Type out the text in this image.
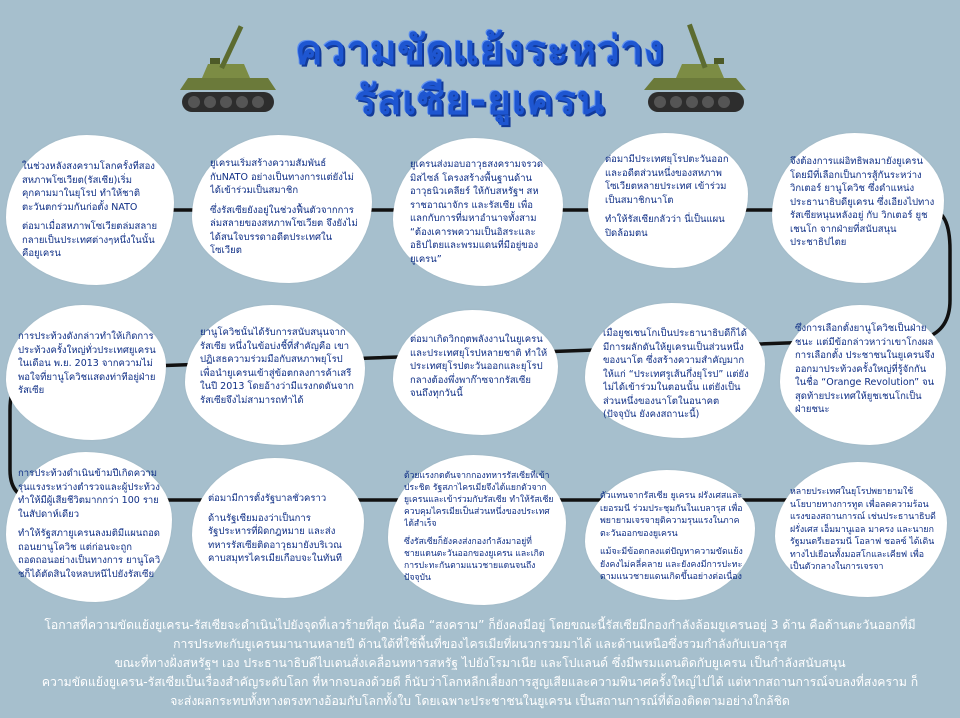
ความขัดแย้งระหว่าง
รัสเซีย-ยูเครน

ในช่วงหลังสงครามโลกครั้งที่สองสหภาพโซเวียต(รัสเซีย)เริ่มคุกคามมาในยุโรป ทำให้ชาติตะวันตกร่วมกันก่อตั้ง NATO

ต่อมาเมื่อสหภาพโซเวียตล่มสลาย กลายเป็นประเทศต่างๆหนึ่งในนั้นคือยูเครน

ยูเครนเริ่มสร้างความสัมพันธ์กับNATO อย่างเป็นทางการแต่ยังไม่ได้เข้าร่วมเป็นสมาชิก

ซึ่งรัสเซียยังอยู่ในช่วงฟื้นตัวจากการล่มสลายของสหภาพโซเวียต จึงยังไม่ได้สนใจบรรดาอดีตประเทศในโซเวียต

ยูเครนส่งมอบอาวุธสงครามจรวดมิสไซล์ โครงสร้างพื้นฐานด้านอาวุธนิวเคลียร์ ให้กับสหรัฐฯ สหราชอาณาจักร และรัสเซีย เพื่อแลกกับการที่มหาอำนาจทั้งสาม “ต้องเคารพความเป็นอิสระและอธิปไตยและพรมแดนที่มีอยู่ของยูเครน”

ต่อมามีประเทศยุโรปตะวันออกและอดีตส่วนหนึ่งของสหภาพโซเวียตหลายประเทศ เข้าร่วมเป็นสมาชิกนาโต

ทำให้รัสเซียกลัวว่า นี่เป็นแผนปิดล้อมตน

จึงต้องการแผ่อิทธิพลมายังยูเครน โดยมีที่เลือกเป็นการสู้กันระหว่าง วิกเตอร์ ยานูโควิช ซึ่งดำแหน่งประธานาธิบดียูเครน ซึ่งเอียงไปทางรัสเซียหนุนหลังอยู่ กับ วิกเตอร์ ยูชเชนโก จากฝ่ายที่สนับสนุนประชาธิปไตย

การประท้วงดังกล่าวทำให้เกิดการประท้วงครั้งใหญ่ทั่วประเทศยูเครนในเดือน พ.ย. 2013 จากความไม่พอใจที่ยานูโควิชแสดงท่าทีอยู่ฝ่ายรัสเซีย

ยานูโควิชนั้นได้รับการสนับสนุนจากรัสเซีย หนึ่งในข้อบ่งชี้ที่สำคัญคือ เขาปฏิเสธความร่วมมือกับสหภาพยุโรป เพื่อนำยูเครนเข้าสู่ข้อตกลงการค้าเสรีในปี 2013 โดยอ้างว่ามีแรงกดดันจากรัสเซียจึงไม่สามารถทำได้

ต่อมาเกิดวิกฤตพลังงานในยูเครนและประเทศยุโรปหลายชาติ ทำให้ประเทศยุโรปตะวันออกและยุโรปกลางต้องพึ่งพาก๊าซจากรัสเซียจนถึงทุกวันนี้

เมื่อยูชเชนโกเป็นประธานาธิบดีก็ได้มีการผลักดันให้ยูเครนเป็นส่วนหนึ่งของนาโต ซึ่งสร้างความสำคัญมากให้แก่ “ประเทศรูเส้นกึ่งยุโรป” แต่ยังไม่ได้เข้าร่วมในตอนนั้น แต่ยังเป็นส่วนหนึ่งของนาโตในอนาคต (ปัจจุบัน ยังคงสถานะนี้)

ซึ่งการเลือกตั้งยานูโควิชเป็นฝ่ายชนะ แต่มีข้อกล่าวหาว่าเขาโกงผลการเลือกตั้ง ประชาชนในยูเครนจึงออกมาประท้วงครั้งใหญ่ที่รู้จักกันในชื่อ “Orange Revolution” จนสุดท้ายประเทศให้ยูชเชนโกเป็นฝ่ายชนะ

การประท้วงดำเนินข้ามปีเกิดความรุนแรงระหว่างตำรวจและผู้ประท้วง ทำให้มีผู้เสียชีวิตมากกว่า 100 รายในสัปดาห์เดียว

ทำให้รัฐสภายูเครนลงมติมีแผนถอดถอนยานูโควิช แต่ก่อนจะถูกถอดถอนอย่างเป็นทางการ ยานูโควิชก็ได้ตัดสินใจหลบหนีไปยังรัสเซีย

ต่อมามีการตั้งรัฐบาลชั่วคราว

ด้านรัฐเซียมองว่าเป็นการรัฐประหารที่ผิดกฎหมาย และส่งทหารรัสเซียติดอาวุธมายังบริเวณคาบสมุทรไครเมียเกือบจะในทันที

ด้วยแรงกดดันจากกองทหารรัสเซียที่เข้าประชิด รัฐสภาไครเมียจึงได้แยกตัวจากยูเครนและเข้าร่วมกับรัสเซีย ทำให้รัสเซียควบคุมไครเมียเป็นส่วนหนึ่งของประเทศได้สำเร็จ

ซึ่งรัสเซียก็ยังคงส่งกองกำลังมาอยู่ที่ชายแดนตะวันออกของยูเครน และเกิดการปะทะกันตามแนวชายแดนจนถึงปัจจุบัน

ตัวแทนจากรัสเซีย ยูเครน ฝรั่งเศสและเยอรมนี ร่วมประชุมกันในเบลารุส เพื่อพยายามเจรจายุติความรุนแรงในภาคตะวันออกของยูเครน

แม้จะมีข้อตกลงแต่ปัญหาความขัดแย้งยังคงไม่คลี่คลาย และยังคงมีการปะทะตามแนวชายแดนเกิดขึ้นอย่างต่อเนื่อง

หลายประเทศในยุโรปพยายามใช้นโยบายทางการทูต เพื่อลดความร้อนแรงของสถานการณ์ เช่นประธานาธิบดีฝรั่งเศส เอ็มมานูเอล มาครง และนายกรัฐมนตรีเยอรมนี โอลาฟ ชอลซ์ ได้เดินทางไปเยือนทั้งมอสโกและเคียฟ เพื่อเป็นตัวกลางในการเจรจา

โอกาสที่ความขัดแย้งยูเครน-รัสเซียจะดำเนินไปยังจุดที่เลวร้ายที่สุด นั่นคือ “สงคราม” ก็ยังคงมีอยู่ โดยขณะนี้รัสเซียมีกองกำลังล้อมยูเครนอยู่ 3 ด้าน คือด้านตะวันออกที่มี
การประทะกับยูเครนมานานหลายปี ด้านใต้ที่ใช้พื้นที่ของไครเมียที่ผนวกรวมมาได้ และด้านเหนือซึ่งรวมกำลังกับเบลารุส
ขณะที่ทางฝั่งสหรัฐฯ เอง ประธานาธิบดีไบเดนสั่งเคลื่อนทหารสหรัฐ ไปยังโรมาเนีย และโปแลนด์ ซึ่งมีพรมแดนติดกับยูเครน เป็นกำลังสนับสนุน
ความขัดแย้งยูเครน-รัสเซียเป็นเรื่องสำคัญระดับโลก ที่หากจบลงด้วยดี ก็นับว่าโลกหลีกเลี่ยงการสูญเสียและความพินาศครั้งใหญ่ไปได้ แต่หากสถานการณ์จบลงที่สงคราม ก็
จะส่งผลกระทบทั้งทางตรงทางอ้อมกับโลกทั้งใบ โดยเฉพาะประชาชนในยูเครน เป็นสถานการณ์ที่ต้องติดตามอย่างใกล้ชิด
